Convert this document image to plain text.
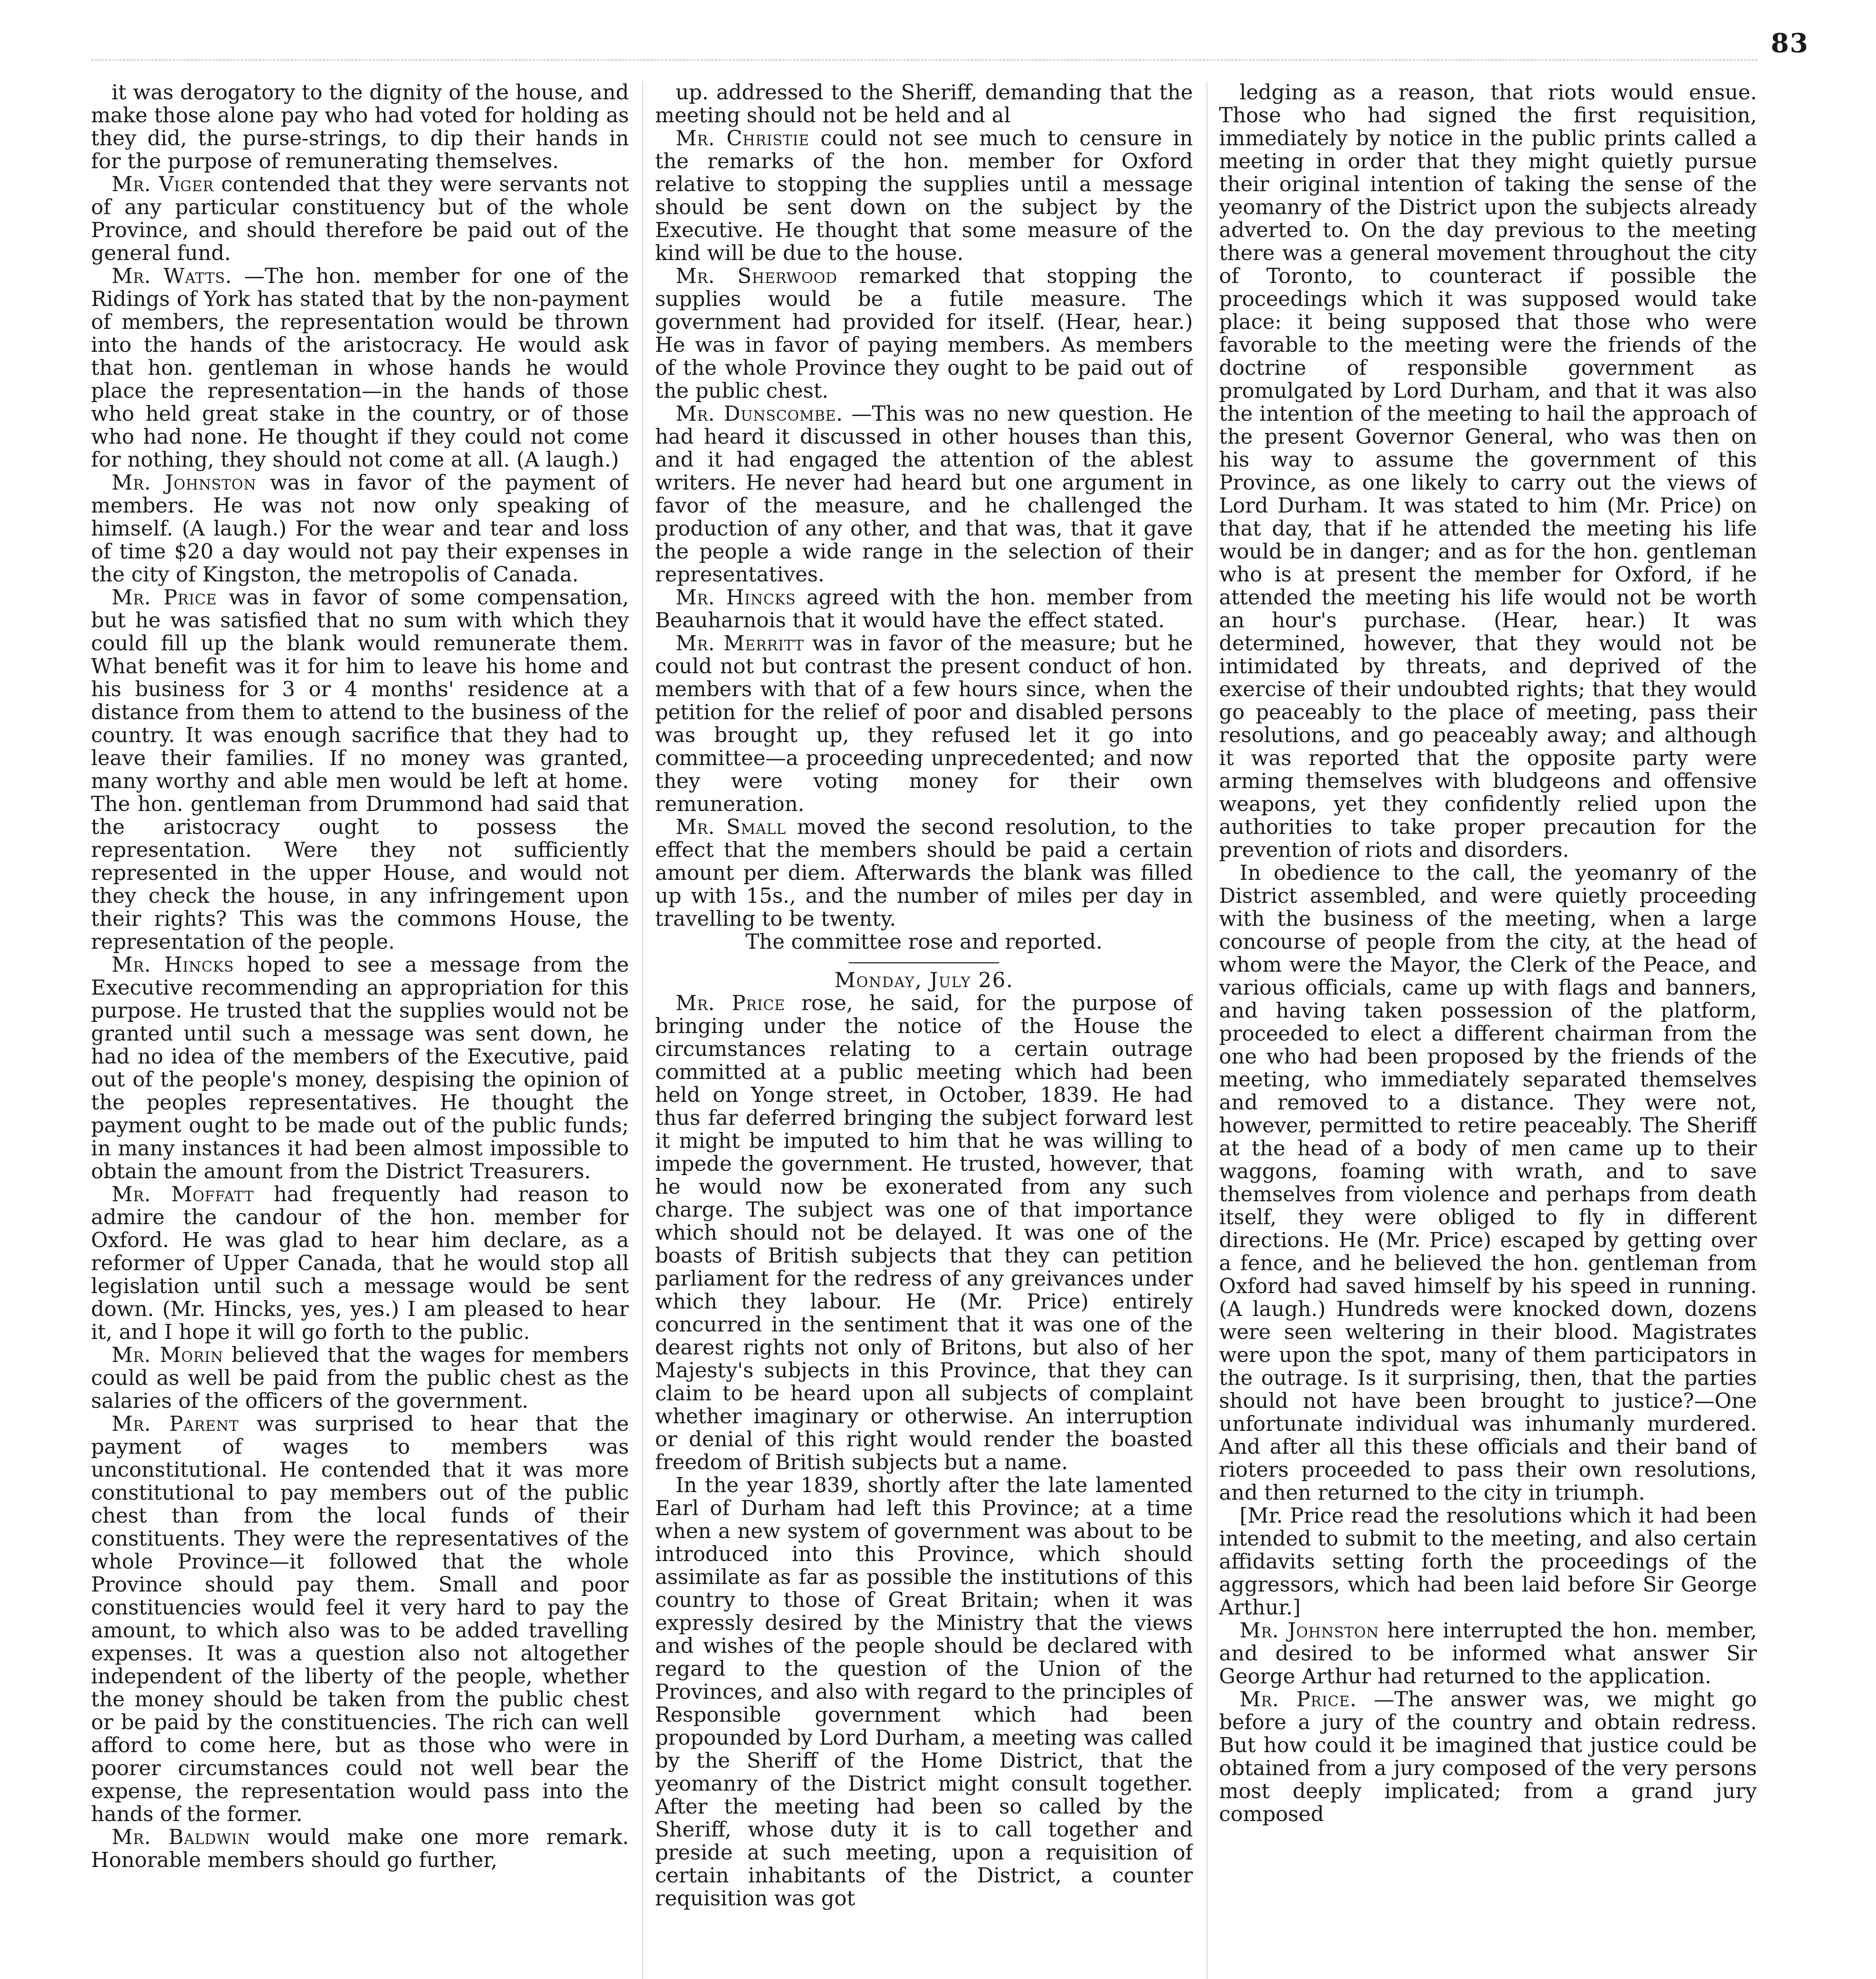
83

it was derogatory to the dignity of the house, and make those alone pay who had voted for holding as they did, the purse-strings, to dip their hands in for the purpose of remunerating themselves.

Mr. Viger contended that they were servants not of any particular constituency but of the whole Province, and should therefore be paid out of the general fund.

Mr. Watts. —The hon. member for one of the Ridings of York has stated that by the non-payment of members, the representation would be thrown into the hands of the aristocracy. He would ask that hon. gentleman in whose hands he would place the representation—in the hands of those who held great stake in the country, or of those who had none. He thought if they could not come for nothing, they should not come at all. (A laugh.)

Mr. Johnston was in favor of the payment of members. He was not now only speaking of himself. (A laugh.) For the wear and tear and loss of time $20 a day would not pay their expenses in the city of Kingston, the metropolis of Canada.

Mr. Price was in favor of some compensation, but he was satisfied that no sum with which they could fill up the blank would remunerate them. What benefit was it for him to leave his home and his business for 3 or 4 months' residence at a distance from them to attend to the business of the country. It was enough sacrifice that they had to leave their families. If no money was granted, many worthy and able men would be left at home. The hon. gentleman from Drummond had said that the aristocracy ought to possess the representation. Were they not sufficiently represented in the upper House, and would not they check the house, in any infringement upon their rights? This was the commons House, the representation of the people.

Mr. Hincks hoped to see a message from the Executive recommending an appropriation for this purpose. He trusted that the supplies would not be granted until such a message was sent down, he had no idea of the members of the Executive, paid out of the people's money, despising the opinion of the peoples representatives. He thought the payment ought to be made out of the public funds; in many instances it had been almost impossible to obtain the amount from the District Treasurers.

Mr. Moffatt had frequently had reason to admire the candour of the hon. member for Oxford. He was glad to hear him declare, as a reformer of Upper Canada, that he would stop all legislation until such a message would be sent down. (Mr. Hincks, yes, yes.) I am pleased to hear it, and I hope it will go forth to the public.

Mr. Morin believed that the wages for members could as well be paid from the public chest as the salaries of the officers of the government.

Mr. Parent was surprised to hear that the payment of wages to members was unconstitutional. He contended that it was more constitutional to pay members out of the public chest than from the local funds of their constituents. They were the representatives of the whole Province—it followed that the whole Province should pay them. Small and poor constituencies would feel it very hard to pay the amount, to which also was to be added travelling expenses. It was a question also not altogether independent of the liberty of the people, whether the money should be taken from the public chest or be paid by the constituencies. The rich can well afford to come here, but as those who were in poorer circumstances could not well bear the expense, the representation would pass into the hands of the former.

Mr. Baldwin would make one more remark. Honorable members should go further,

up. addressed to the Sheriff, demanding that the meeting should not be held and al

Mr. Christie could not see much to censure in the remarks of the hon. member for Oxford relative to stopping the supplies until a message should be sent down on the subject by the Executive. He thought that some measure of the kind will be due to the house.

Mr. Sherwood remarked that stopping the supplies would be a futile measure. The government had provided for itself. (Hear, hear.) He was in favor of paying members. As members of the whole Province they ought to be paid out of the public chest.

Mr. Dunscombe. —This was no new question. He had heard it discussed in other houses than this, and it had engaged the attention of the ablest writers. He never had heard but one argument in favor of the measure, and he challenged the production of any other, and that was, that it gave the people a wide range in the selection of their representatives.

Mr. Hincks agreed with the hon. member from Beauharnois that it would have the effect stated.

Mr. Merritt was in favor of the measure; but he could not but contrast the present conduct of hon. members with that of a few hours since, when the petition for the relief of poor and disabled persons was brought up, they refused let it go into committee—a proceeding unprecedented; and now they were voting money for their own remuneration.

Mr. Small moved the second resolution, to the effect that the members should be paid a certain amount per diem. Afterwards the blank was filled up with 15s., and the number of miles per day in travelling to be twenty.

The committee rose and reported.

Monday, July 26.

Mr. Price rose, he said, for the purpose of bringing under the notice of the House the circumstances relating to a certain outrage committed at a public meeting which had been held on Yonge street, in October, 1839. He had thus far deferred bringing the subject forward lest it might be imputed to him that he was willing to impede the government. He trusted, however, that he would now be exonerated from any such charge. The subject was one of that importance which should not be delayed. It was one of the boasts of British subjects that they can petition parliament for the redress of any greivances under which they labour. He (Mr. Price) entirely concurred in the sentiment that it was one of the dearest rights not only of Britons, but also of her Majesty's subjects in this Province, that they can claim to be heard upon all subjects of complaint whether imaginary or otherwise. An interruption or denial of this right would render the boasted freedom of British subjects but a name.

In the year 1839, shortly after the late lamented Earl of Durham had left this Province; at a time when a new system of government was about to be introduced into this Province, which should assimilate as far as possible the institutions of this country to those of Great Britain; when it was expressly desired by the Ministry that the views and wishes of the people should be declared with regard to the question of the Union of the Provinces, and also with regard to the principles of Responsible government which had been propounded by Lord Durham, a meeting was called by the Sheriff of the Home District, that the yeomanry of the District might consult together. After the meeting had been so called by the Sheriff, whose duty it is to call together and preside at such meeting, upon a requisition of certain inhabitants of the District, a counter requisition was got

ledging as a reason, that riots would ensue. Those who had signed the first requisition, immediately by notice in the public prints called a meeting in order that they might quietly pursue their original intention of taking the sense of the yeomanry of the District upon the subjects already adverted to. On the day previous to the meeting there was a general movement throughout the city of Toronto, to counteract if possible the proceedings which it was supposed would take place: it being supposed that those who were favorable to the meeting were the friends of the doctrine of responsible government as promulgated by Lord Durham, and that it was also the intention of the meeting to hail the approach of the present Governor General, who was then on his way to assume the government of this Province, as one likely to carry out the views of Lord Durham. It was stated to him (Mr. Price) on that day, that if he attended the meeting his life would be in danger; and as for the hon. gentleman who is at present the member for Oxford, if he attended the meeting his life would not be worth an hour's purchase. (Hear, hear.) It was determined, however, that they would not be intimidated by threats, and deprived of the exercise of their undoubted rights; that they would go peaceably to the place of meeting, pass their resolutions, and go peaceably away; and although it was reported that the opposite party were arming themselves with bludgeons and offensive weapons, yet they confidently relied upon the authorities to take proper precaution for the prevention of riots and disorders.

In obedience to the call, the yeomanry of the District assembled, and were quietly proceeding with the business of the meeting, when a large concourse of people from the city, at the head of whom were the Mayor, the Clerk of the Peace, and various officials, came up with flags and banners, and having taken possession of the platform, proceeded to elect a different chairman from the one who had been proposed by the friends of the meeting, who immediately separated themselves and removed to a distance. They were not, however, permitted to retire peaceably. The Sheriff at the head of a body of men came up to their waggons, foaming with wrath, and to save themselves from violence and perhaps from death itself, they were obliged to fly in different directions. He (Mr. Price) escaped by getting over a fence, and he believed the hon. gentleman from Oxford had saved himself by his speed in running. (A laugh.) Hundreds were knocked down, dozens were seen weltering in their blood. Magistrates were upon the spot, many of them participators in the outrage. Is it surprising, then, that the parties should not have been brought to justice?—One unfortunate individual was inhumanly murdered. And after all this these officials and their band of rioters proceeded to pass their own resolutions, and then returned to the city in triumph.

[Mr. Price read the resolutions which it had been intended to submit to the meeting, and also certain affidavits setting forth the proceedings of the aggressors, which had been laid before Sir George Arthur.]

Mr. Johnston here interrupted the hon. member, and desired to be informed what answer Sir George Arthur had returned to the application.

Mr. Price. —The answer was, we might go before a jury of the country and obtain redress. But how could it be imagined that justice could be obtained from a jury composed of the very persons most deeply implicated; from a grand jury composed
